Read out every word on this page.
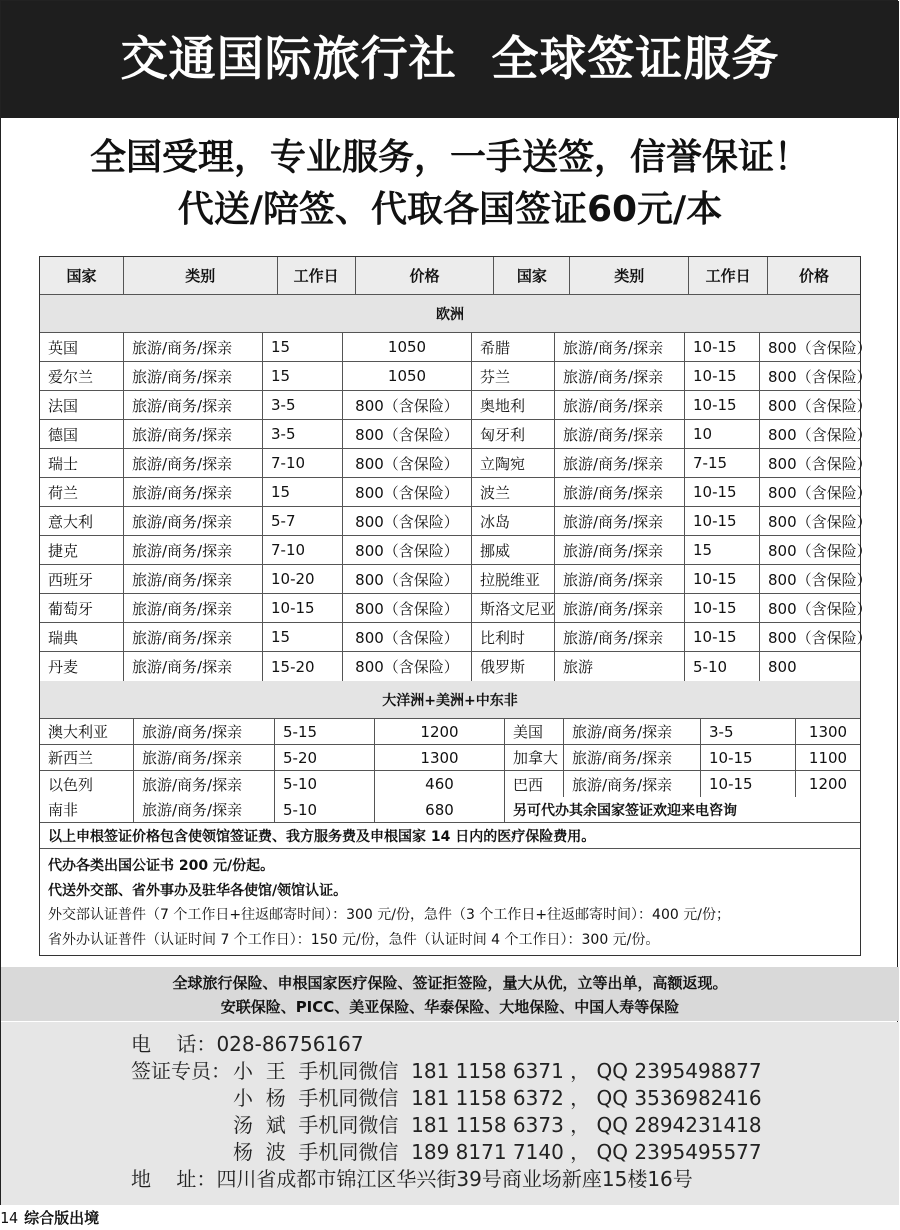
交通国际旅行社  全球签证服务
全国受理，专业服务，一手送签，信誉保证！
代送/陪签、代取各国签证60元/本
国家	类别	工作日	价格	国家	类别	工作日	价格
欧洲
英国	旅游/商务/探亲	15	1050	希腊	旅游/商务/探亲	10-15	800（含保险）
爱尔兰	旅游/商务/探亲	15	1050	芬兰	旅游/商务/探亲	10-15	800（含保险）
法国	旅游/商务/探亲	3-5	800（含保险）	奥地利	旅游/商务/探亲	10-15	800（含保险）
德国	旅游/商务/探亲	3-5	800（含保险）	匈牙利	旅游/商务/探亲	10	800（含保险）
瑞士	旅游/商务/探亲	7-10	800（含保险）	立陶宛	旅游/商务/探亲	7-15	800（含保险）
荷兰	旅游/商务/探亲	15	800（含保险）	波兰	旅游/商务/探亲	10-15	800（含保险）
意大利	旅游/商务/探亲	5-7	800（含保险）	冰岛	旅游/商务/探亲	10-15	800（含保险）
捷克	旅游/商务/探亲	7-10	800（含保险）	挪威	旅游/商务/探亲	15	800（含保险）
西班牙	旅游/商务/探亲	10-20	800（含保险）	拉脱维亚	旅游/商务/探亲	10-15	800（含保险）
葡萄牙	旅游/商务/探亲	10-15	800（含保险）	斯洛文尼亚 旅游/商务/探亲	10-15	800（含保险）
瑞典	旅游/商务/探亲	15	800（含保险）	比利时	旅游/商务/探亲	10-15	800（含保险）
丹麦	旅游/商务/探亲	15-20	800（含保险）	俄罗斯	旅游	5-10	800
大洋洲+美洲+中东非
澳大利亚	旅游/商务/探亲	5-15	1200	美国	旅游/商务/探亲	3-5	1300
新西兰	旅游/商务/探亲	5-20	1300	加拿大 旅游/商务/探亲	10-15	1100
以色列	旅游/商务/探亲	5-10	460	巴西	旅游/商务/探亲	10-15	1200
南非	旅游/商务/探亲	5-10	680	另可代办其余国家签证欢迎来电咨询
以上申根签证价格包含使领馆签证费、我方服务费及申根国家 14 日内的医疗保险费用。
代办各类出国公证书 200 元/份起。
代送外交部、省外事办及驻华各使馆/领馆认证。
外交部认证普件（7 个工作日+往返邮寄时间）：300 元/份，急件（3 个工作日+往返邮寄时间）：400 元/份；
省外办认证普件（认证时间 7 个工作日）：150 元/份，急件（认证时间 4 个工作日）：300 元/份。
全球旅行保险、申根国家医疗保险、签证拒签险，量大从优，立等出单，高额返现。
安联保险、PICC、美亚保险、华泰保险、大地保险、中国人寿等保险
电    话：028-86756167
签证专员： 小  王  手机同微信  181 1158 6371 ， QQ 2395498877
小  杨  手机同微信  181 1158 6372 ， QQ 3536982416
汤  斌  手机同微信  181 1158 6373 ， QQ 2894231418
杨  波  手机同微信  189 8171 7140 ， QQ 2395495577
地    址：四川省成都市锦江区华兴街39号商业场新座15楼16号
14 综合版出境
